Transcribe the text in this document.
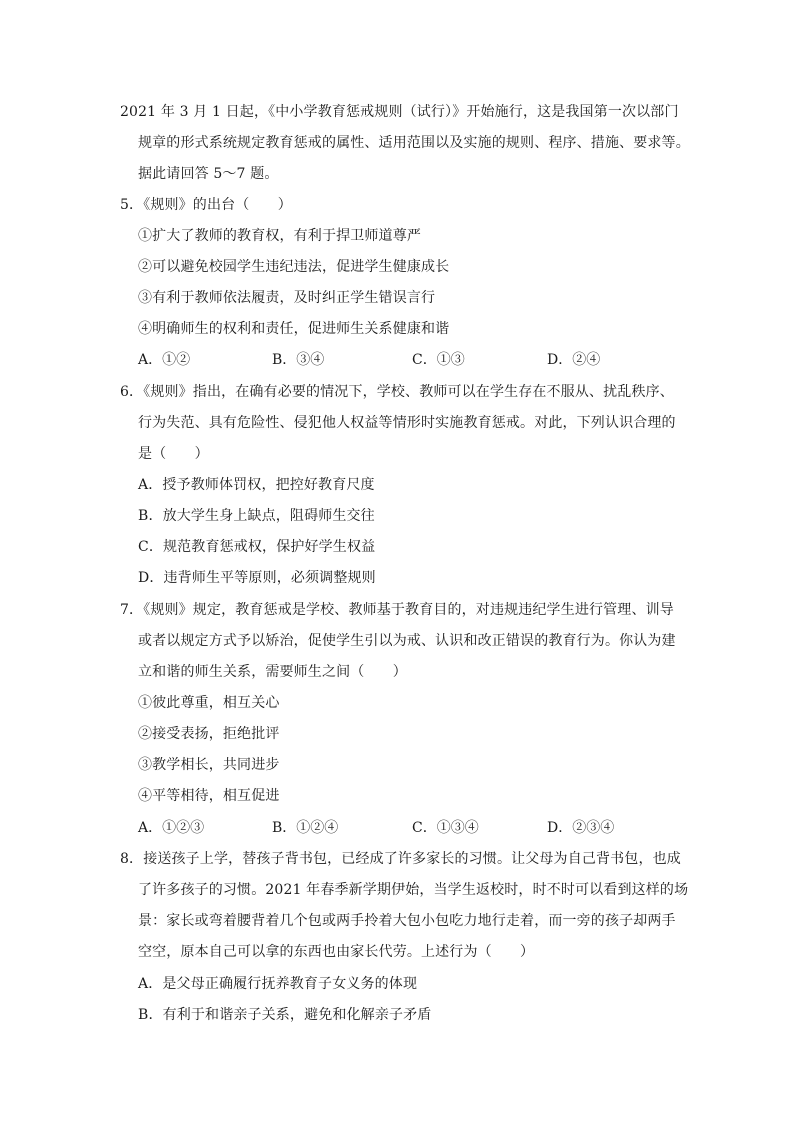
2021 年 3 月 1 日起，《中小学教育惩戒规则（试行）》开始施行，这是我国第一次以部门
规章的形式系统规定教育惩戒的属性、适用范围以及实施的规则、程序、措施、要求等。
据此请回答 5～7 题。
5．《规则》的出台（　　）
①扩大了教师的教育权，有利于捍卫师道尊严
②可以避免校园学生违纪违法，促进学生健康成长
③有利于教师依法履责，及时纠正学生错误言行
④明确师生的权利和责任，促进师生关系健康和谐
A．①②	B．③④	C．①③	D．②④
6．《规则》指出，在确有必要的情况下，学校、教师可以在学生存在不服从、扰乱秩序、
行为失范、具有危险性、侵犯他人权益等情形时实施教育惩戒。对此，下列认识合理的
是（　　）
A．授予教师体罚权，把控好教育尺度
B．放大学生身上缺点，阻碍师生交往
C．规范教育惩戒权，保护好学生权益
D．违背师生平等原则，必须调整规则
7．《规则》规定，教育惩戒是学校、教师基于教育目的，对违规违纪学生进行管理、训导
或者以规定方式予以矫治，促使学生引以为戒、认识和改正错误的教育行为。你认为建
立和谐的师生关系，需要师生之间（　　）
①彼此尊重，相互关心
②接受表扬，拒绝批评
③教学相长，共同进步
④平等相待，相互促进
A．①②③	B．①②④	C．①③④	D．②③④
8．接送孩子上学，替孩子背书包，已经成了许多家长的习惯。让父母为自己背书包，也成
了许多孩子的习惯。2021 年春季新学期伊始，当学生返校时，时不时可以看到这样的场
景：家长或弯着腰背着几个包或两手拎着大包小包吃力地行走着，而一旁的孩子却两手
空空，原本自己可以拿的东西也由家长代劳。上述行为（　　）
A．是父母正确履行抚养教育子女义务的体现
B．有利于和谐亲子关系，避免和化解亲子矛盾
